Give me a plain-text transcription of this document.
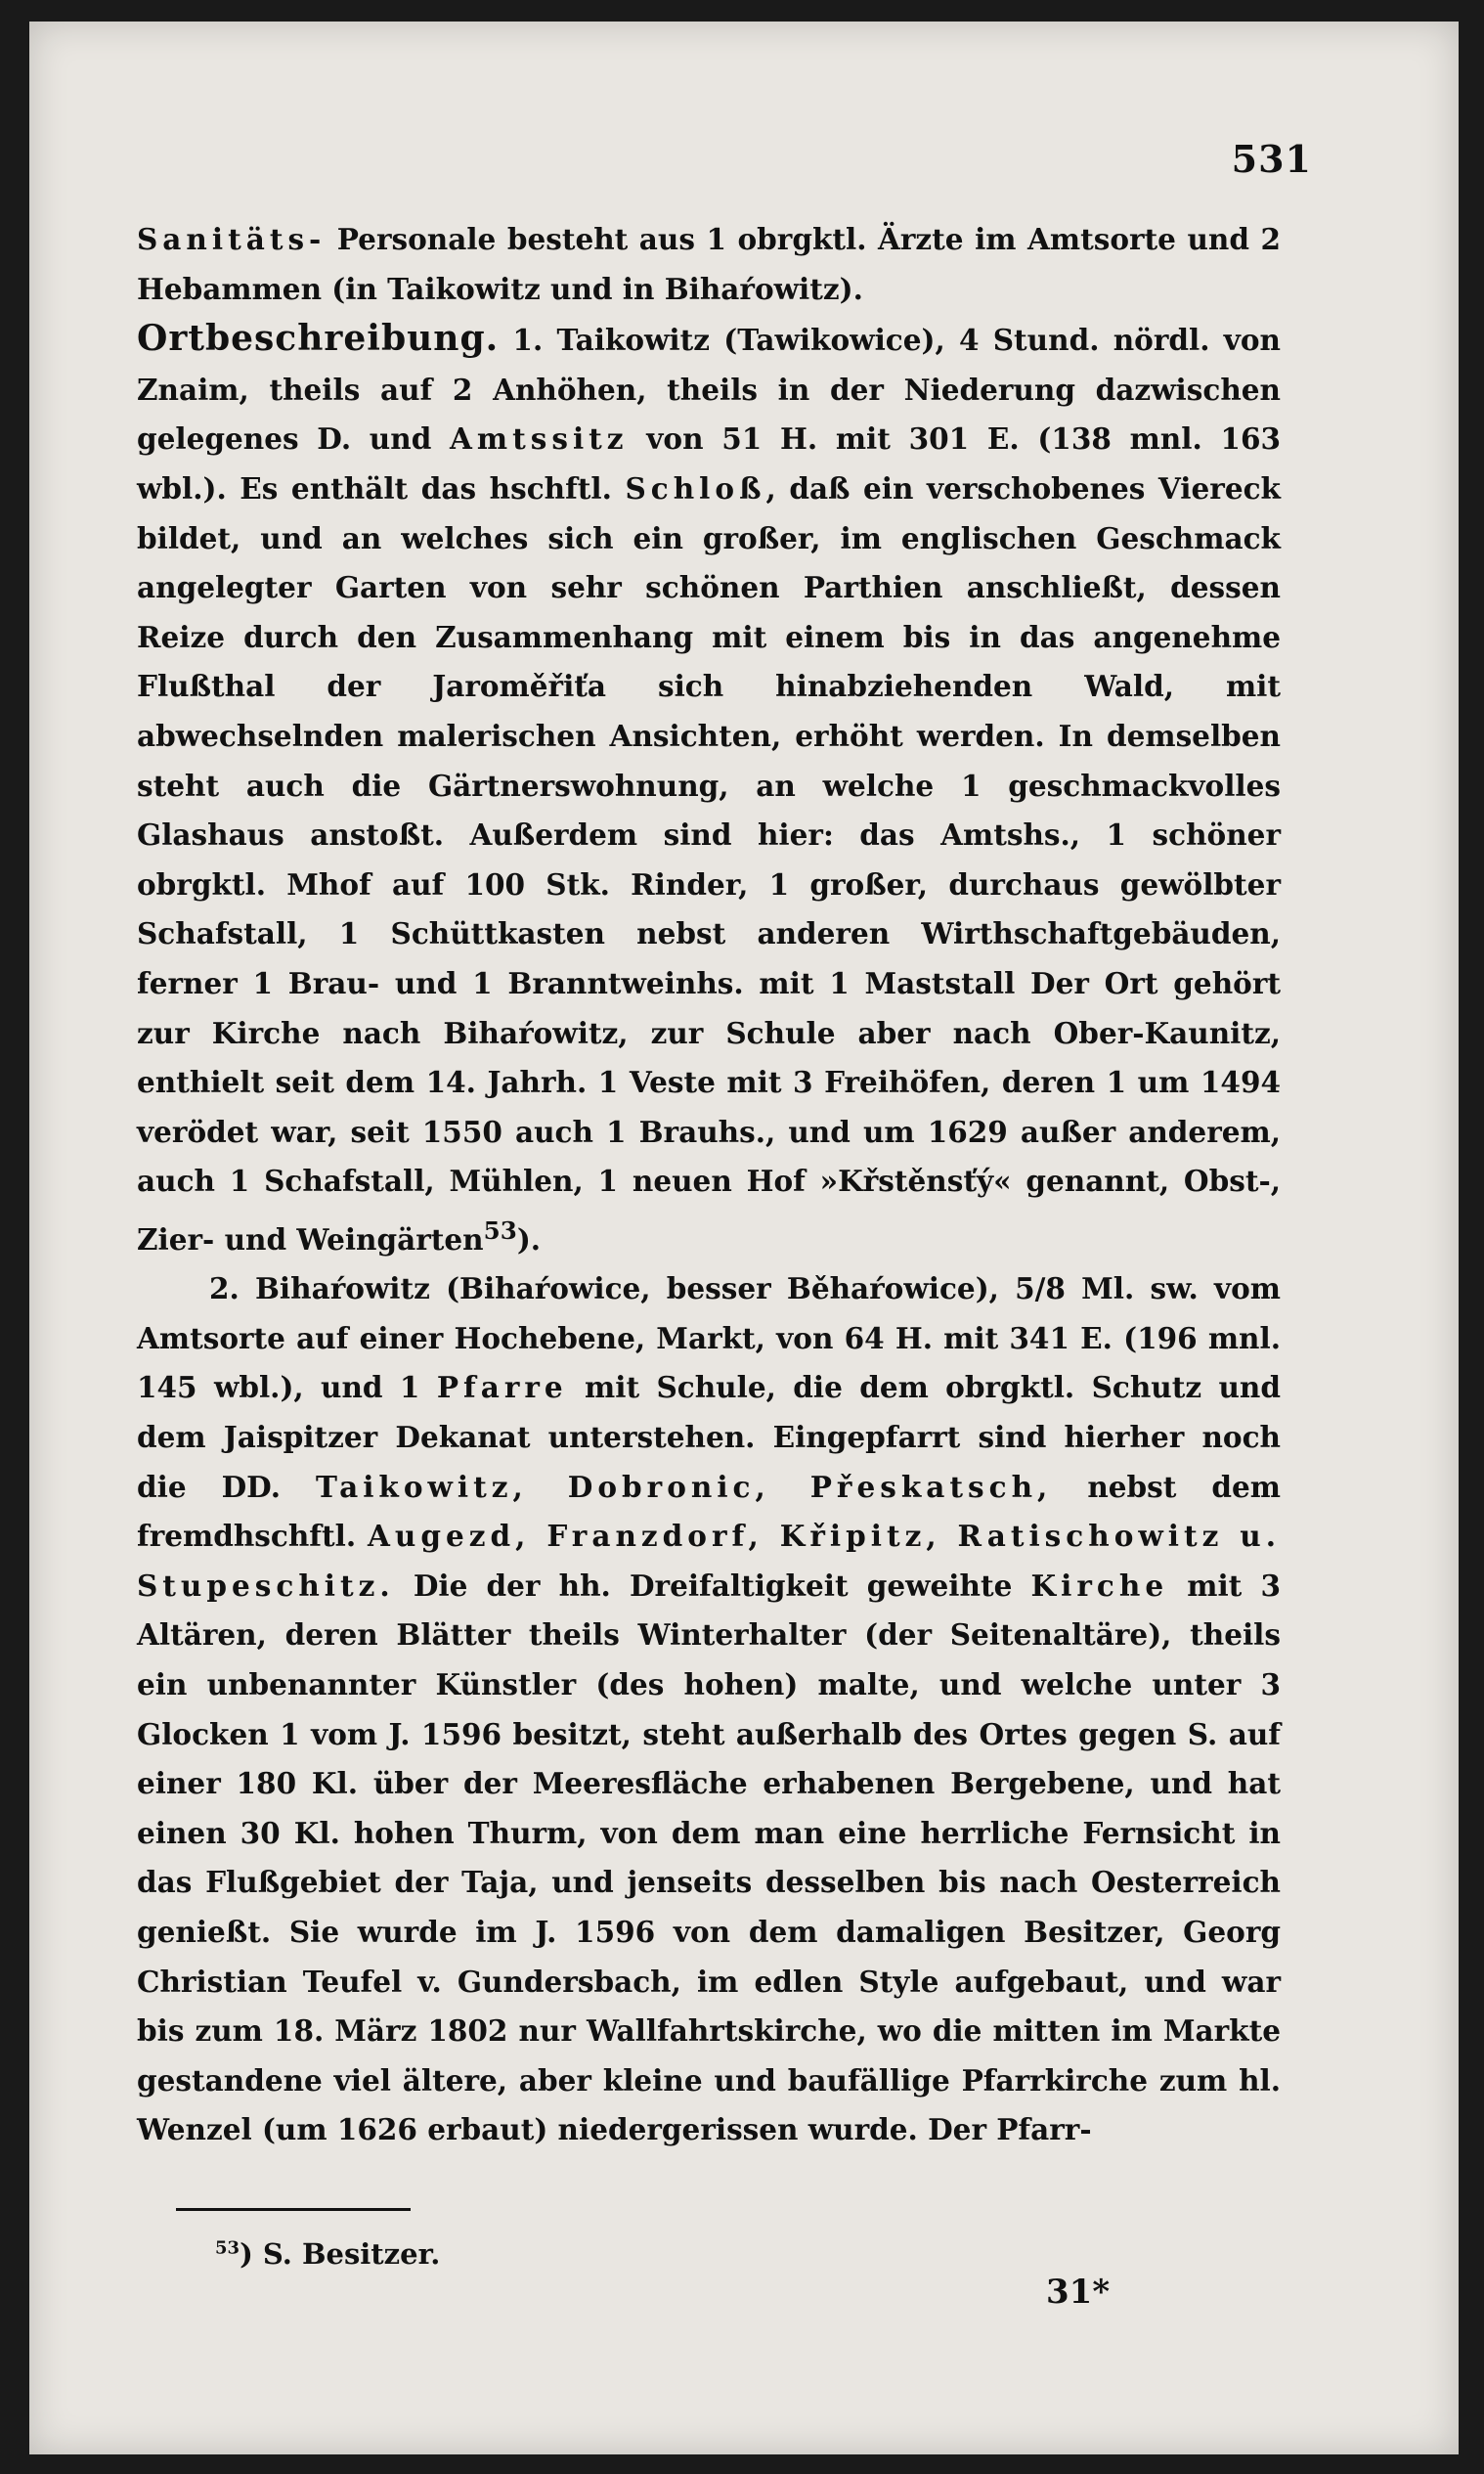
531

Sanitäts- Personale besteht aus 1 obrgktl. Ärzte im Amtsorte und 2 Hebammen (in Taikowitz und in Bihaŕowitz).

Ortbeschreibung. 1. Taikowitz (Tawikowice), 4 Stund. nördl. von Znaim, theils auf 2 Anhöhen, theils in der Niederung dazwischen gelegenes D. und Amtssitz von 51 H. mit 301 E. (138 mnl. 163 wbl.). Es enthält das hschftl. Schloß, daß ein verschobenes Viereck bildet, und an welches sich ein großer, im englischen Geschmack angelegter Garten von sehr schönen Parthien anschließt, dessen Reize durch den Zusammenhang mit einem bis in das angenehme Flußthal der Jaroměřiťa sich hinabziehenden Wald, mit abwechselnden malerischen Ansichten, erhöht werden. In demselben steht auch die Gärtnerswohnung, an welche 1 geschmackvolles Glashaus anstoßt. Außerdem sind hier: das Amtshs., 1 schöner obrgktl. Mhof auf 100 Stk. Rinder, 1 großer, durchaus gewölbter Schafstall, 1 Schüttkasten nebst anderen Wirthschaftgebäuden, ferner 1 Brau- und 1 Branntweinhs. mit 1 Maststall Der Ort gehört zur Kirche nach Bihaŕowitz, zur Schule aber nach Ober-Kaunitz, enthielt seit dem 14. Jahrh. 1 Veste mit 3 Freihöfen, deren 1 um 1494 verödet war, seit 1550 auch 1 Brauhs., und um 1629 außer anderem, auch 1 Schafstall, Mühlen, 1 neuen Hof »Křstěnsťý« genannt, Obst-, Zier- und Weingärten$^{53}$).

2. Bihaŕowitz (Bihaŕowice, besser Běhaŕowice), 5/8 Ml. sw. vom Amtsorte auf einer Hochebene, Markt, von 64 H. mit 341 E. (196 mnl. 145 wbl.), und 1 Pfarre mit Schule, die dem obrgktl. Schutz und dem Jaispitzer Dekanat unterstehen. Eingepfarrt sind hierher noch die DD. Taikowitz, Dobronic, Přeskatsch, nebst dem fremdhschftl. Augezd, Franzdorf, Křipitz, Ratischowitz u. Stupeschitz. Die der hh. Dreifaltigkeit geweihte Kirche mit 3 Altären, deren Blätter theils Winterhalter (der Seitenaltäre), theils ein unbenannter Künstler (des hohen) malte, und welche unter 3 Glocken 1 vom J. 1596 besitzt, steht außerhalb des Ortes gegen S. auf einer 180 Kl. über der Meeresfläche erhabenen Bergebene, und hat einen 30 Kl. hohen Thurm, von dem man eine herrliche Fernsicht in das Flußgebiet der Taja, und jenseits desselben bis nach Oesterreich genießt. Sie wurde im J. 1596 von dem damaligen Besitzer, Georg Christian Teufel v. Gundersbach, im edlen Style aufgebaut, und war bis zum 18. März 1802 nur Wallfahrtskirche, wo die mitten im Markte gestandene viel ältere, aber kleine und baufällige Pfarrkirche zum hl. Wenzel (um 1626 erbaut) niedergerissen wurde. Der Pfarr-

$^{53}$) S. Besitzer.
31*
